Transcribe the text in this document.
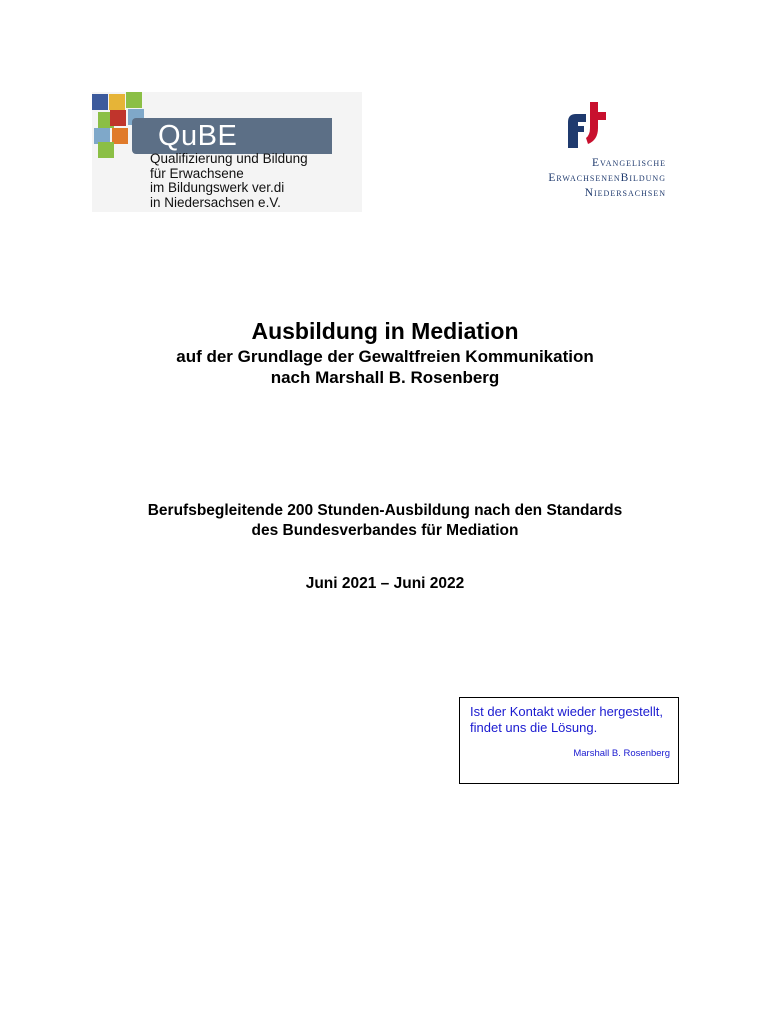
QuBE
Qualifizierung und Bildung
für Erwachsene
im Bildungswerk ver.di
in Niedersachsen e.V.
Evangelische
ErwachsenenBildung
Niedersachsen
Ausbildung in Mediation
auf der Grundlage der Gewaltfreien Kommunikation
nach Marshall B. Rosenberg
Berufsbegleitende 200 Stunden-Ausbildung nach den Standards
des Bundesverbandes für Mediation
Juni 2021 – Juni 2022
Ist der Kontakt wieder hergestellt, findet uns die Lösung.
Marshall B. Rosenberg
